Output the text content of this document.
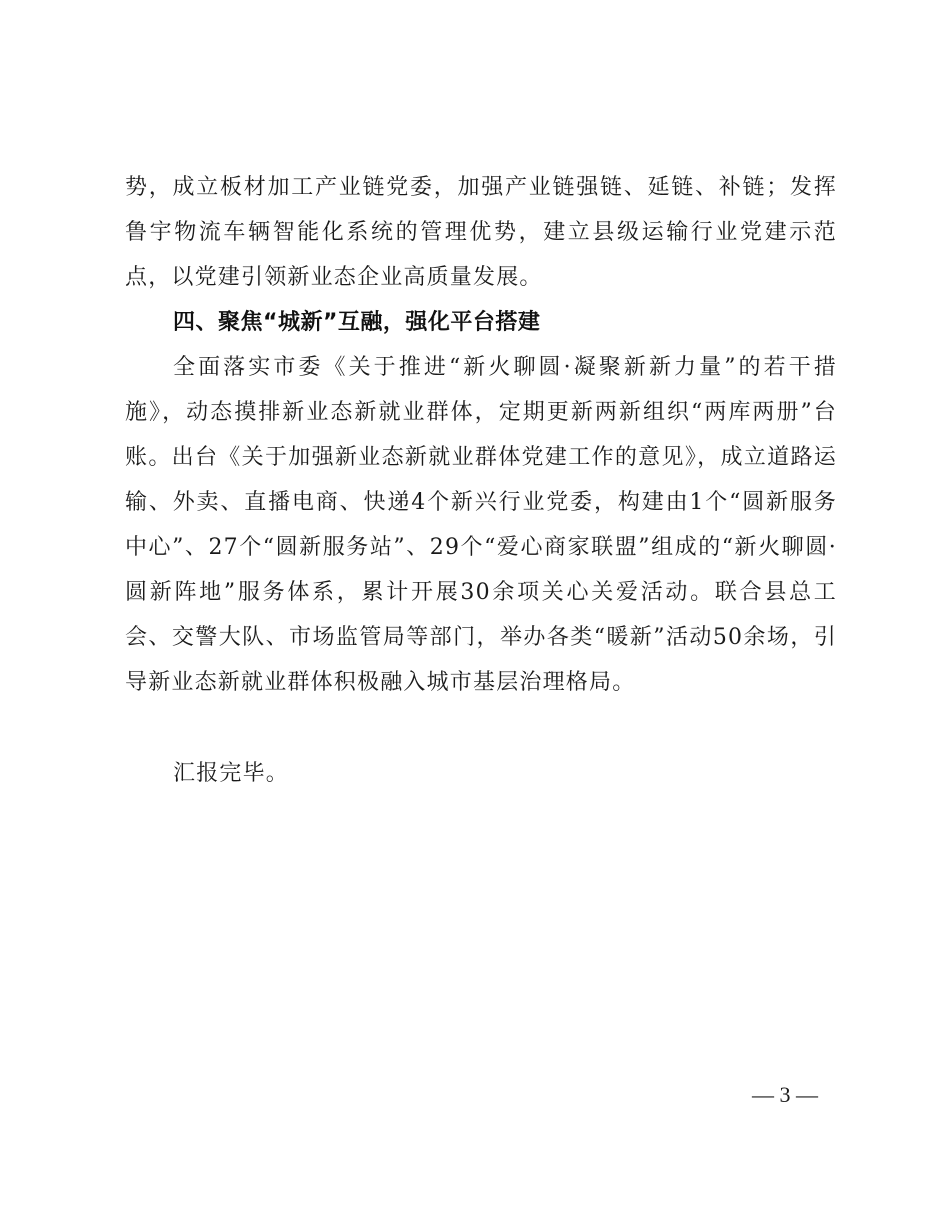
势，成立板材加工产业链党委，加强产业链强链、延链、补链；发挥鲁宇物流车辆智能化系统的管理优势，建立县级运输行业党建示范点，以党建引领新业态企业高质量发展。

四、聚焦“城新”互融，强化平台搭建

全面落实市委《关于推进“新火聊圆·凝聚新新力量”的若干措施》，动态摸排新业态新就业群体，定期更新两新组织“两库两册”台账。出台《关于加强新业态新就业群体党建工作的意见》，成立道路运输、外卖、直播电商、快递4个新兴行业党委，构建由1个“圆新服务中心”、27个“圆新服务站”、29个“爱心商家联盟”组成的“新火聊圆·圆新阵地”服务体系，累计开展30余项关心关爱活动。联合县总工会、交警大队、市场监管局等部门，举办各类“暖新”活动50余场，引导新业态新就业群体积极融入城市基层治理格局。

汇报完毕。
— 3 —
